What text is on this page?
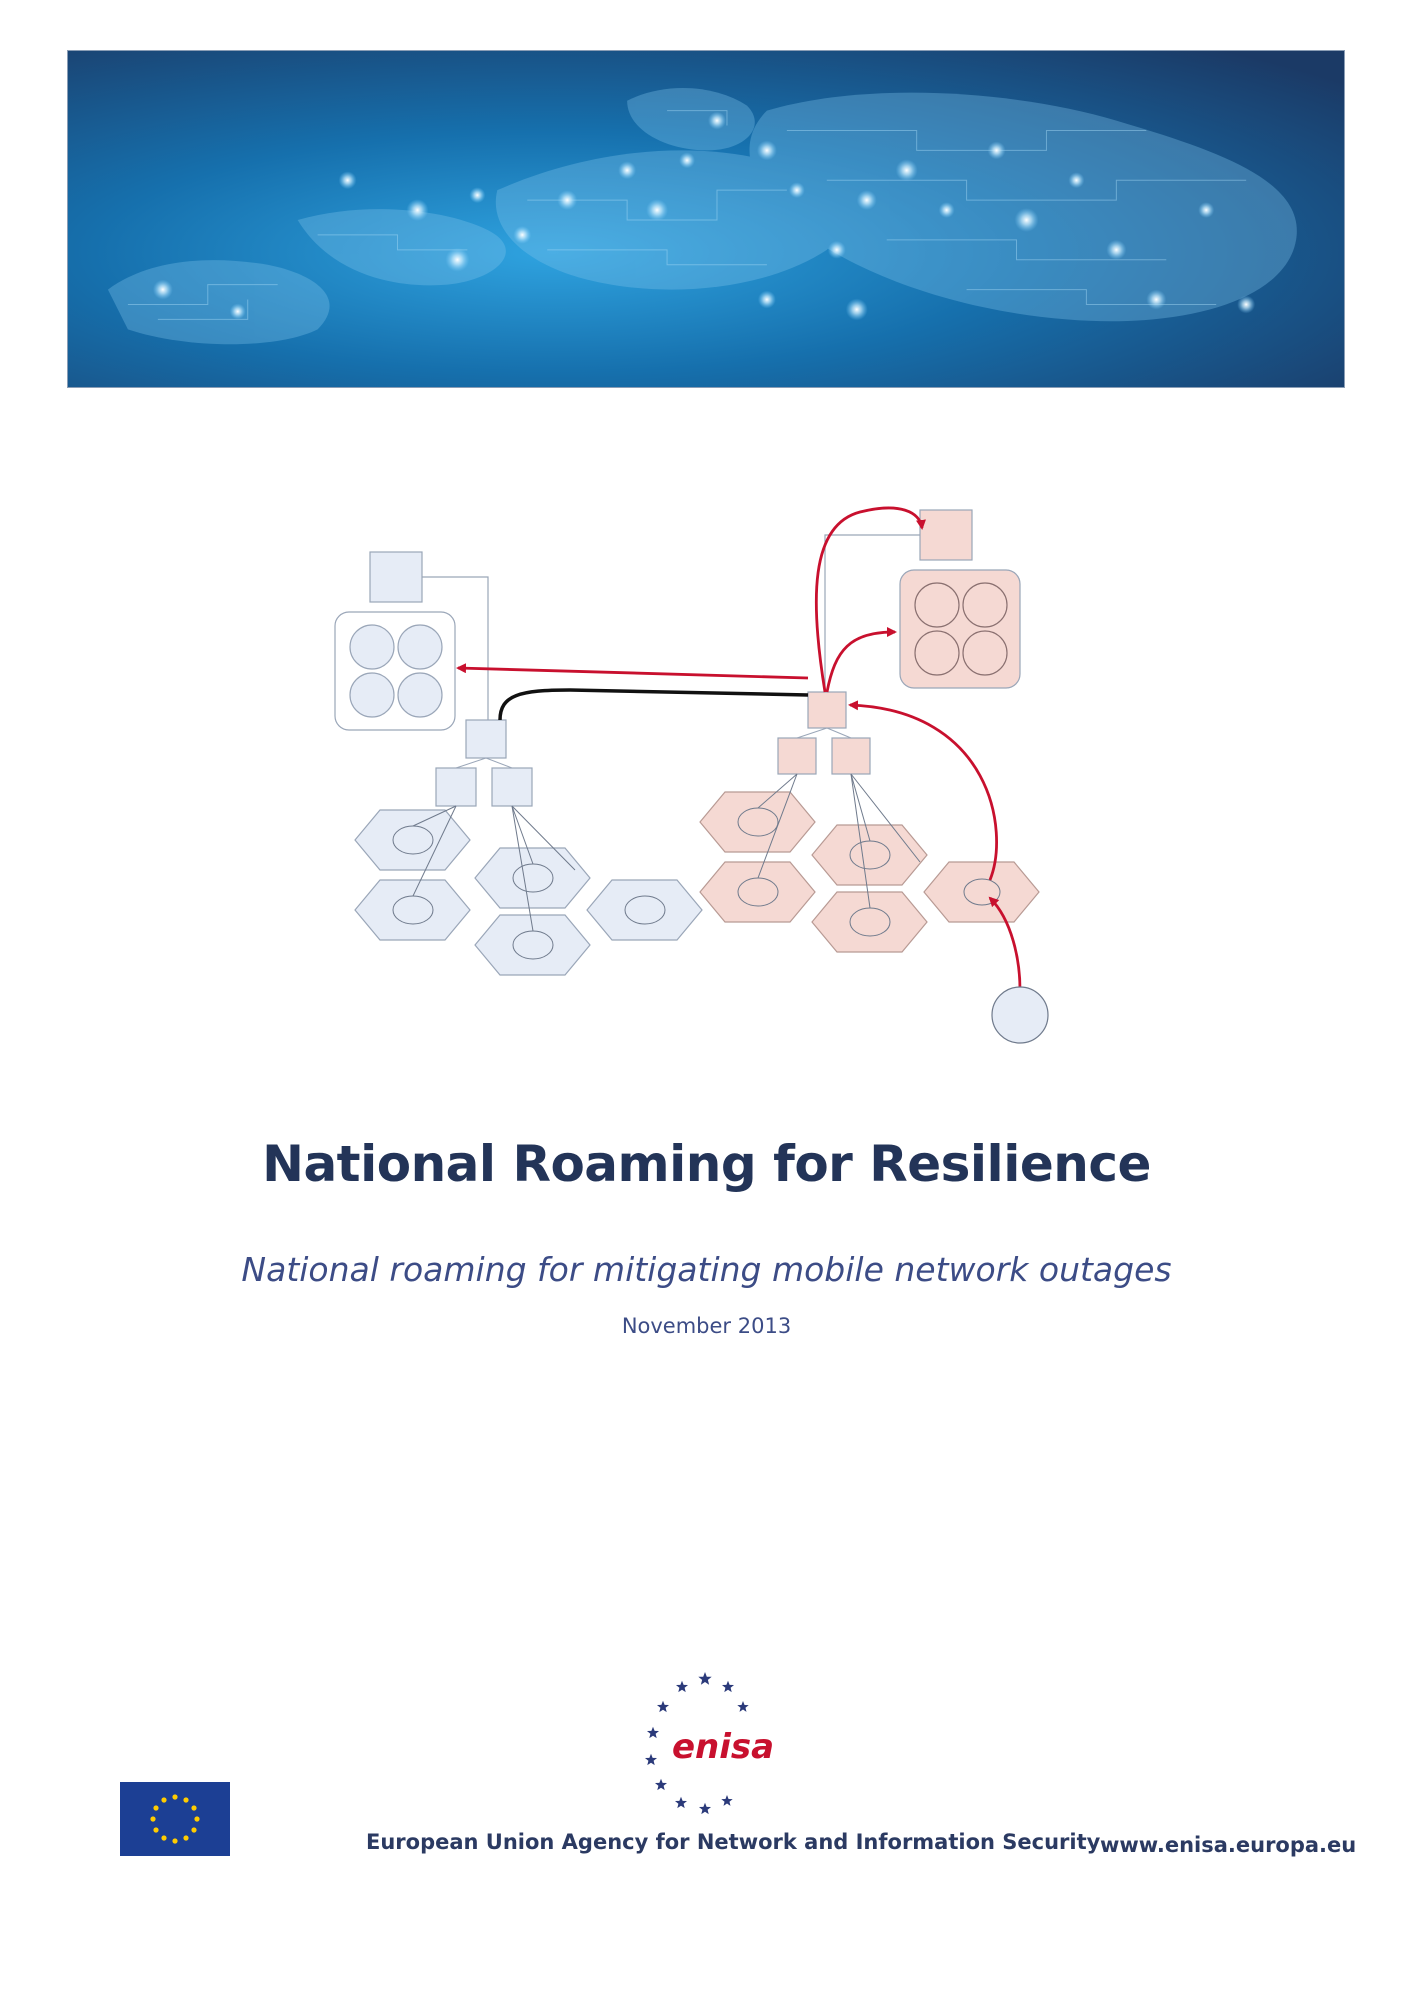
National Roaming for Resilience
National roaming for mitigating mobile network outages
November 2013
enisa
European Union Agency for Network and Information Security www.enisa.europa.eu
